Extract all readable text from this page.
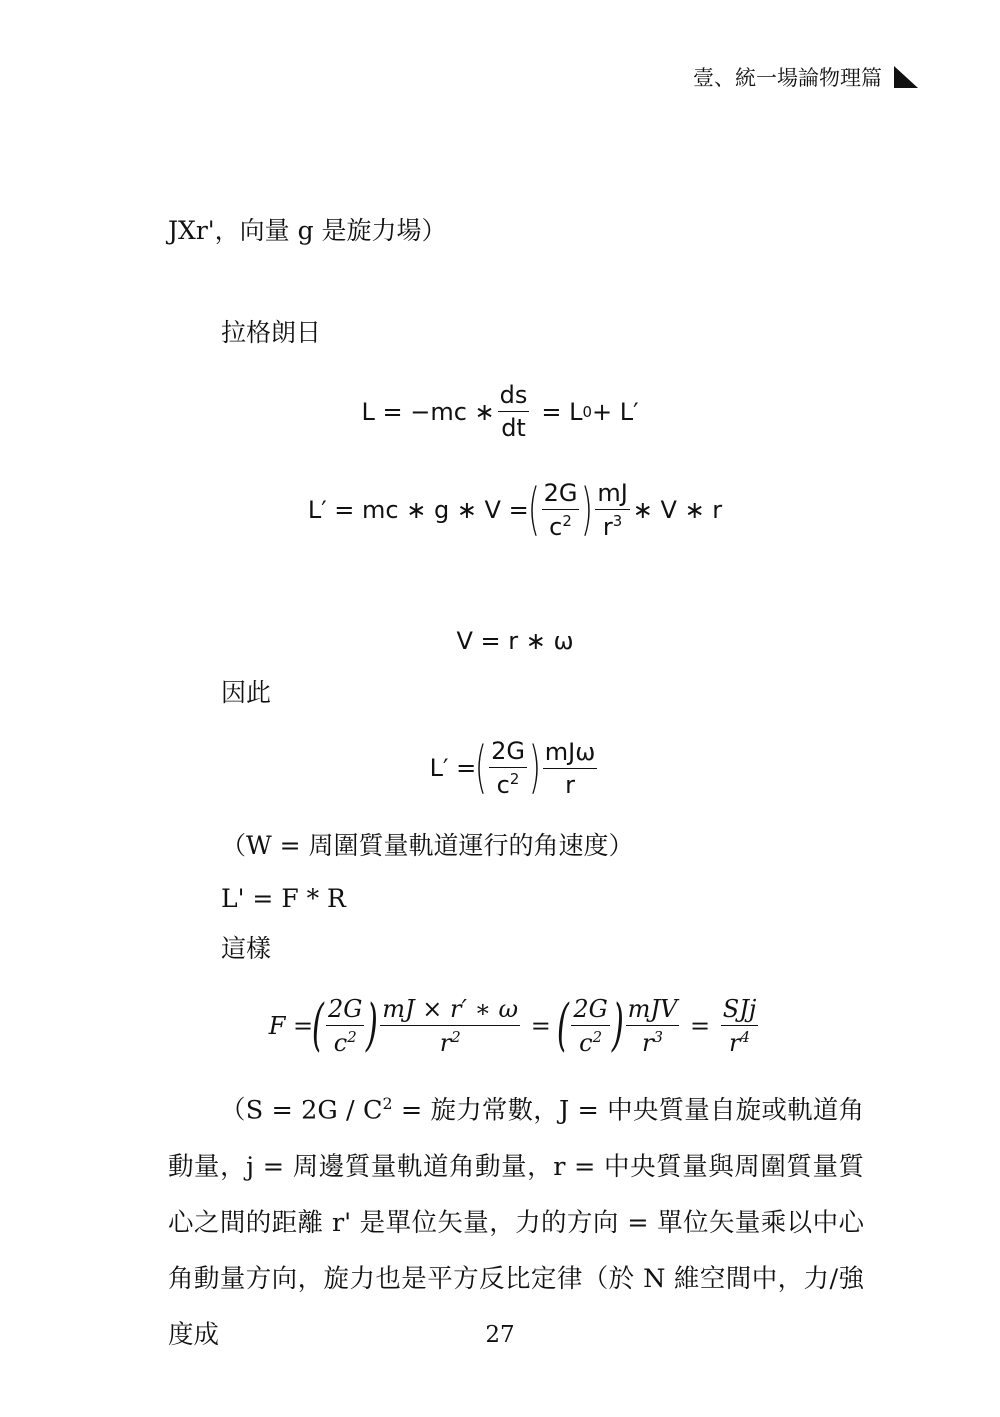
壹、統一場論物理篇
JXr'，向量 g 是旋力場）
拉格朗日
L = −mc ∗ $\frac{ds}{dt} = L$ 0 + L′
L′ = mc ∗ g ∗ V =
( $\frac{2G}{c^2}$ ) $\frac{mJ}{r^3}$ ∗ V ∗ r
V = r ∗ ω
因此
L′ =
( $\frac{2G}{c^2}$ ) $\frac{\text{mJω}}{r}$
（W = 周圍質量軌道運行的角速度）
L' = F * R
這樣
F =
( $\frac{2G}{c^2}$ ) $\frac{mJ \times r' ∗ \omega}{r^2}$ =
( $\frac{2G}{c^2}$ ) $\frac{\text{mJV}}{r^3} = \frac{\text{SJj}}{r^4}$
（$S = 2G / C^2$ = 旋力常數，J = 中央質量自旋或軌道角動量，j = 周邊質量軌道角動量，r = 中央質量與周圍質量質心之間的距離 r' 是單位矢量，力的方向 = 單位矢量乘以中心角動量方向，旋力也是平方反比定律（於 N 維空間中，力/強度成	27
